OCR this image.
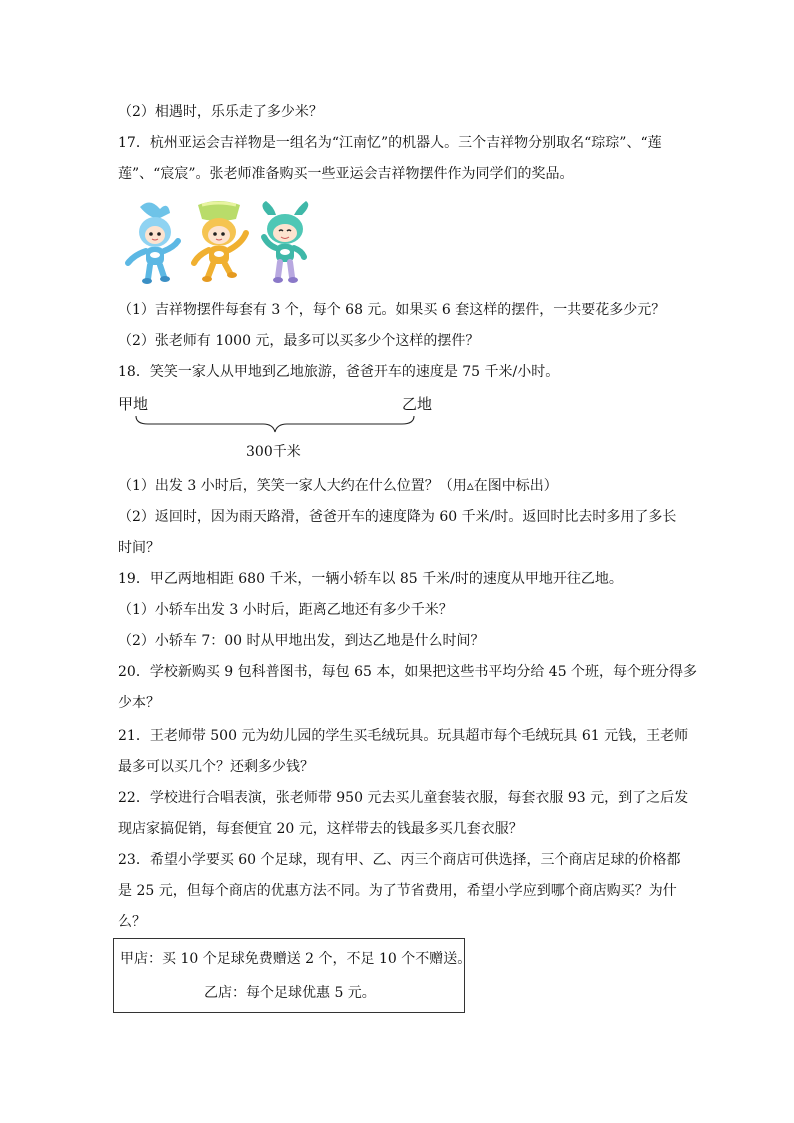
（2）相遇时，乐乐走了多少米？
17．杭州亚运会吉祥物是一组名为“江南忆”的机器人。三个吉祥物分别取名“琮琮”、“莲
莲”、“宸宸”。张老师准备购买一些亚运会吉祥物摆件作为同学们的奖品。
（1）吉祥物摆件每套有 3 个，每个 68 元。如果买 6 套这样的摆件，一共要花多少元？
（2）张老师有 1000 元，最多可以买多少个这样的摆件？
18．笑笑一家人从甲地到乙地旅游，爸爸开车的速度是 75 千米/小时。
甲地	乙地
300千米
（1）出发 3 小时后，笑笑一家人大约在什么位置？（用▵在图中标出）
（2）返回时，因为雨天路滑，爸爸开车的速度降为 60 千米/时。返回时比去时多用了多长
时间？
19．甲乙两地相距 680 千米，一辆小轿车以 85 千米/时的速度从甲地开往乙地。
（1）小轿车出发 3 小时后，距离乙地还有多少千米？
（2）小轿车 7：00 时从甲地出发，到达乙地是什么时间？
20．学校新购买 9 包科普图书，每包 65 本，如果把这些书平均分给 45 个班，每个班分得多
少本？
21．王老师带 500 元为幼儿园的学生买毛绒玩具。玩具超市每个毛绒玩具 61 元钱，王老师
最多可以买几个？还剩多少钱？
22．学校进行合唱表演，张老师带 950 元去买儿童套装衣服，每套衣服 93 元，到了之后发
现店家搞促销，每套便宜 20 元，这样带去的钱最多买几套衣服？
23．希望小学要买 60 个足球，现有甲、乙、丙三个商店可供选择，三个商店足球的价格都
是 25 元，但每个商店的优惠方法不同。为了节省费用，希望小学应到哪个商店购买？为什
么？
甲店：买 10 个足球免费赠送 2 个，不足 10 个不赠送。
乙店：每个足球优惠 5 元。
